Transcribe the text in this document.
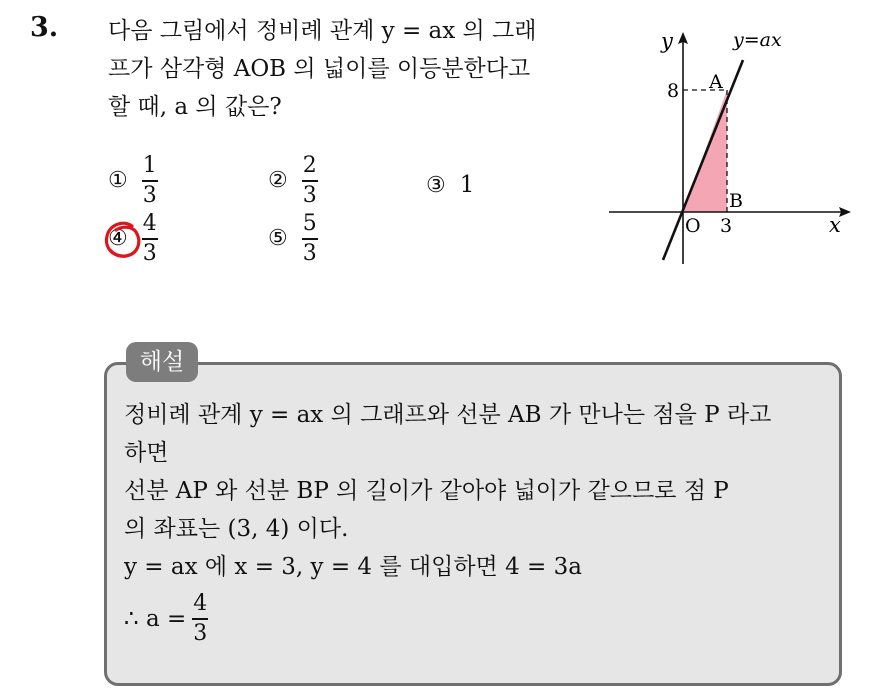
3. 다음 그림에서 정비례 관계 y = ax 의 그래
프가 삼각형 AOB 의 넓이를 이등분한다고
할 때, a 의 값은?
① $\frac{1}{3}$	② $\frac{2}{3}$	③ 1
④ $\frac{4}{3}$	⑤ $\frac{5}{3}$
y	y=ax
8 A
B
O 3	x
해설
정비례 관계 y = ax 의 그래프와 선분 AB 가 만나는 점을 P 라고
하면
선분 AP 와 선분 BP 의 길이가 같아야 넓이가 같으므로 점 P
의 좌표는 (3, 4) 이다.
y = ax 에 x = 3, y = 4 를 대입하면 4 = 3a
∴ $a = \frac{4}{3}$
